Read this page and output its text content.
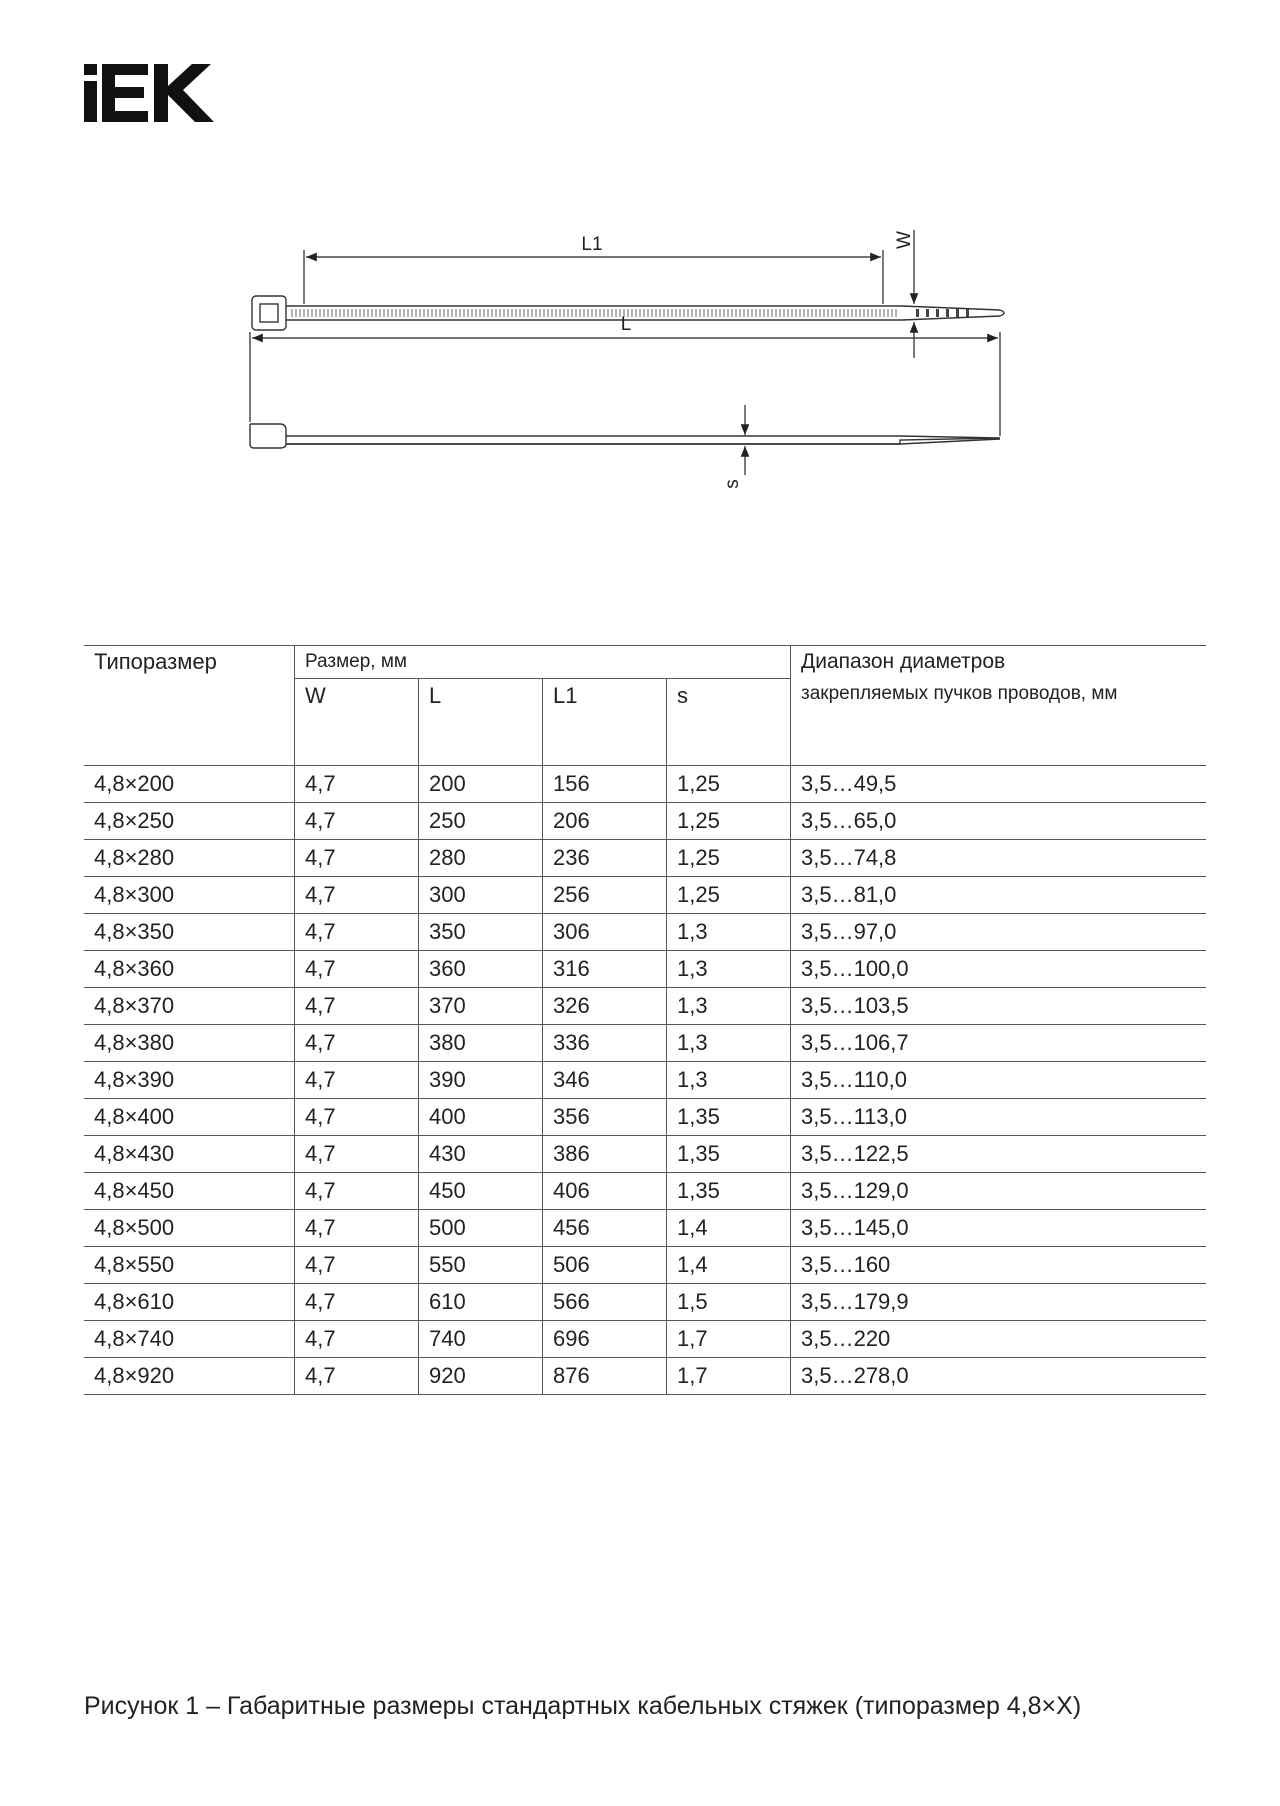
L1	W
L
s
Типоразмер	Размер, мм				Диапазон диаметров
закрепляемых пучков проводов, мм

	W	L	L1	s	
4,8×200	4,7	200	156	1,25	3,5…49,5
4,8×250	4,7	250	206	1,25	3,5…65,0
4,8×280	4,7	280	236	1,25	3,5…74,8
4,8×300	4,7	300	256	1,25	3,5…81,0
4,8×350	4,7	350	306	1,3	3,5…97,0
4,8×360	4,7	360	316	1,3	3,5…100,0
4,8×370	4,7	370	326	1,3	3,5…103,5
4,8×380	4,7	380	336	1,3	3,5…106,7
4,8×390	4,7	390	346	1,3	3,5…110,0
4,8×400	4,7	400	356	1,35	3,5…113,0
4,8×430	4,7	430	386	1,35	3,5…122,5
4,8×450	4,7	450	406	1,35	3,5…129,0
4,8×500	4,7	500	456	1,4	3,5…145,0
4,8×550	4,7	550	506	1,4	3,5…160
4,8×610	4,7	610	566	1,5	3,5…179,9
4,8×740	4,7	740	696	1,7	3,5…220
4,8×920	4,7	920	876	1,7	3,5…278,0
Рисунок 1 – Габаритные размеры стандартных кабельных стяжек (типоразмер 4,8×X)
